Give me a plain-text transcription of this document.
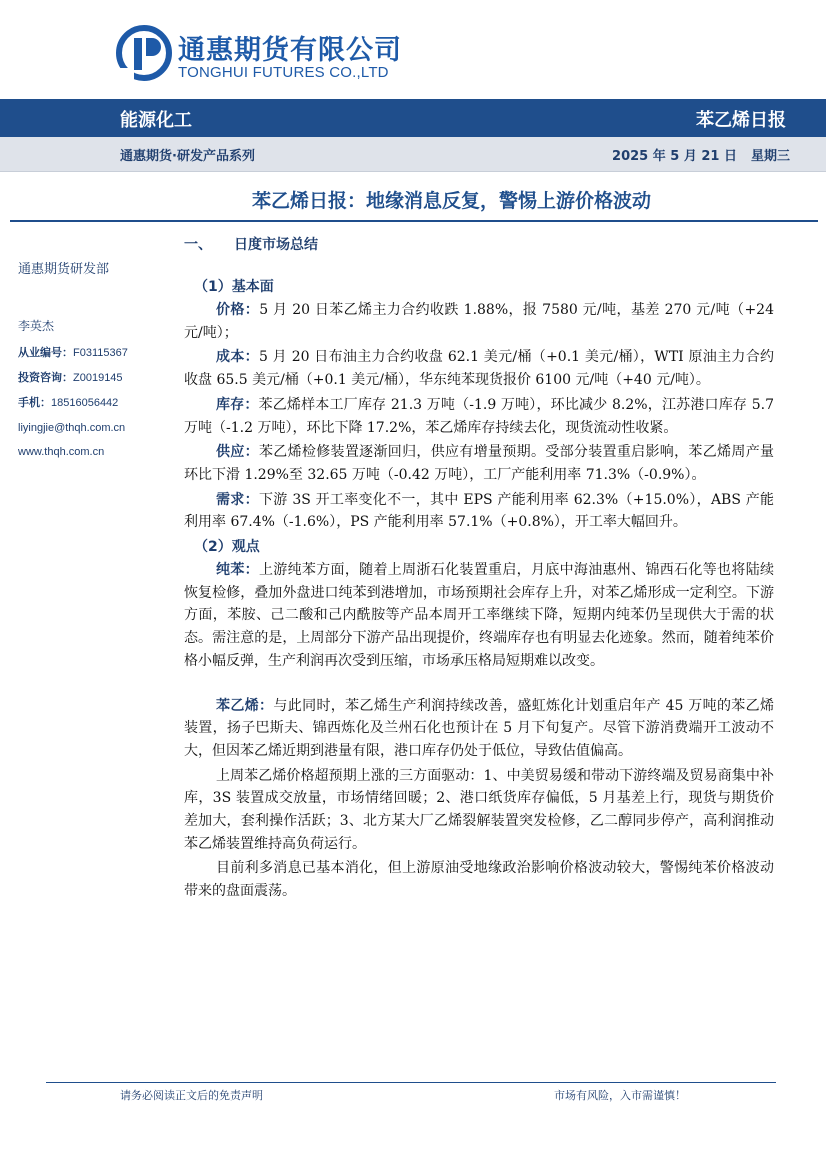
通惠期货有限公司
TONGHUI FUTURES CO.,LTD
能源化工	苯乙烯日报
通惠期货·研发产品系列	2025 年 5 月 21 日 星期三
苯乙烯日报：地缘消息反复，警惕上游价格波动
通惠期货研发部
李英杰
从业编号：F03115367
投资咨询：Z0019145
手机：18516056442
liyingjie@thqh.com.cn
www.thqh.com.cn
一、 日度市场总结
（1）基本面

价格：5 月 20 日苯乙烯主力合约收跌 1.88%，报 7580 元/吨，基差 270 元/吨（+24 元/吨）；

成本：5 月 20 日布油主力合约收盘 62.1 美元/桶（+0.1 美元/桶），WTI 原油主力合约收盘 65.5 美元/桶（+0.1 美元/桶），华东纯苯现货报价 6100 元/吨（+40 元/吨）。

库存：苯乙烯样本工厂库存 21.3 万吨（-1.9 万吨），环比减少 8.2%，江苏港口库存 5.7 万吨（-1.2 万吨），环比下降 17.2%，苯乙烯库存持续去化，现货流动性收紧。

供应：苯乙烯检修装置逐渐回归，供应有增量预期。受部分装置重启影响，苯乙烯周产量环比下滑 1.29%至 32.65 万吨（-0.42 万吨），工厂产能利用率 71.3%（-0.9%）。

需求：下游 3S 开工率变化不一，其中 EPS 产能利用率 62.3%（+15.0%），ABS 产能利用率 67.4%（-1.6%），PS 产能利用率 57.1%（+0.8%），开工率大幅回升。

（2）观点

纯苯：上游纯苯方面，随着上周浙石化装置重启，月底中海油惠州、锦西石化等也将陆续恢复检修，叠加外盘进口纯苯到港增加，市场预期社会库存上升，对苯乙烯形成一定利空。下游方面，苯胺、己二酸和己内酰胺等产品本周开工率继续下降，短期内纯苯仍呈现供大于需的状态。需注意的是，上周部分下游产品出现提价，终端库存也有明显去化迹象。然而，随着纯苯价格小幅反弹，生产利润再次受到压缩，市场承压格局短期难以改变。

苯乙烯：与此同时，苯乙烯生产利润持续改善，盛虹炼化计划重启年产 45 万吨的苯乙烯装置，扬子巴斯夫、锦西炼化及兰州石化也预计在 5 月下旬复产。尽管下游消费端开工波动不大，但因苯乙烯近期到港量有限，港口库存仍处于低位，导致估值偏高。

上周苯乙烯价格超预期上涨的三方面驱动：1、中美贸易缓和带动下游终端及贸易商集中补库，3S 装置成交放量，市场情绪回暖；2、港口纸货库存偏低，5 月基差上行，现货与期货价差加大，套利操作活跃；3、北方某大厂乙烯裂解装置突发检修，乙二醇同步停产，高利润推动苯乙烯装置维持高负荷运行。

目前利多消息已基本消化，但上游原油受地缘政治影响价格波动较大，警惕纯苯价格波动带来的盘面震荡。

请务必阅读正文后的免责声明	市场有风险，入市需谨慎！
